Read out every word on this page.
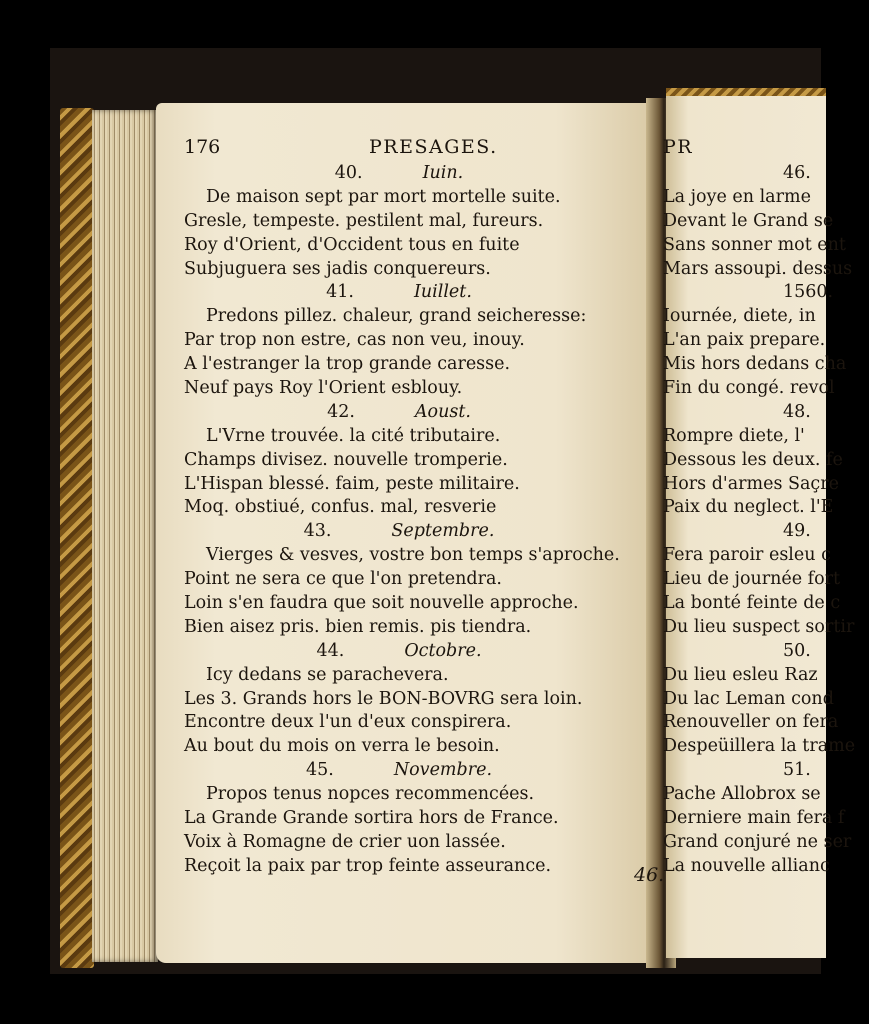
176	PRESAGES.
40.	Iuin.
De maison sept par mort mortelle suite.
Gresle, tempeste. pestilent mal, fureurs.
Roy d'Orient, d'Occident tous en fuite
Subjuguera ses jadis conquereurs.
41.	Iuillet.
Predons pillez. chaleur, grand seicheresse:
Par trop non estre, cas non veu, inouy.
A l'estranger la trop grande caresse.
Neuf pays Roy l'Orient esblouy.
42.	Aoust.
L'Vrne trouvée. la cité tributaire.
Champs divisez. nouvelle tromperie.
L'Hispan blessé. faim, peste militaire.
Moq. obstiué, confus. mal, resverie
43.	Septembre.
Vierges & vesves, vostre bon temps s'aproche.
Point ne sera ce que l'on pretendra.
Loin s'en faudra que soit nouvelle approche.
Bien aisez pris. bien remis. pis tiendra.
44.	Octobre.
Icy dedans se parachevera.
Les 3. Grands hors le BON-BOVRG sera loin.
Encontre deux l'un d'eux conspirera.
Au bout du mois on verra le besoin.
45.	Novembre.
Propos tenus nopces recommencées.
La Grande Grande sortira hors de France.
Voix à Romagne de crier uon lassée.
Reçoit la paix par trop feinte asseurance.	46.
PR
46.
La joye en larme
Devant le Grand se
Sans sonner mot ent
Mars assoupi. dessus
1560.
Iournée, diete, in
L'an paix prepare.
Mis hors dedans cha
Fin du congé. revol
48.
Rompre diete, l'
Dessous les deux. fe
Hors d'armes Saçre
Paix du neglect. l'E
49.
Fera paroir esleu c
Lieu de journée fort
La bonté feinte de c
Du lieu suspect sortir
50.
Du lieu esleu Raz
Du lac Leman cond
Renouveller on fera
Despeüillera la trame
51.
Pache Allobrox se
Derniere main fera f
Grand conjuré ne ser
La nouvelle allianc
